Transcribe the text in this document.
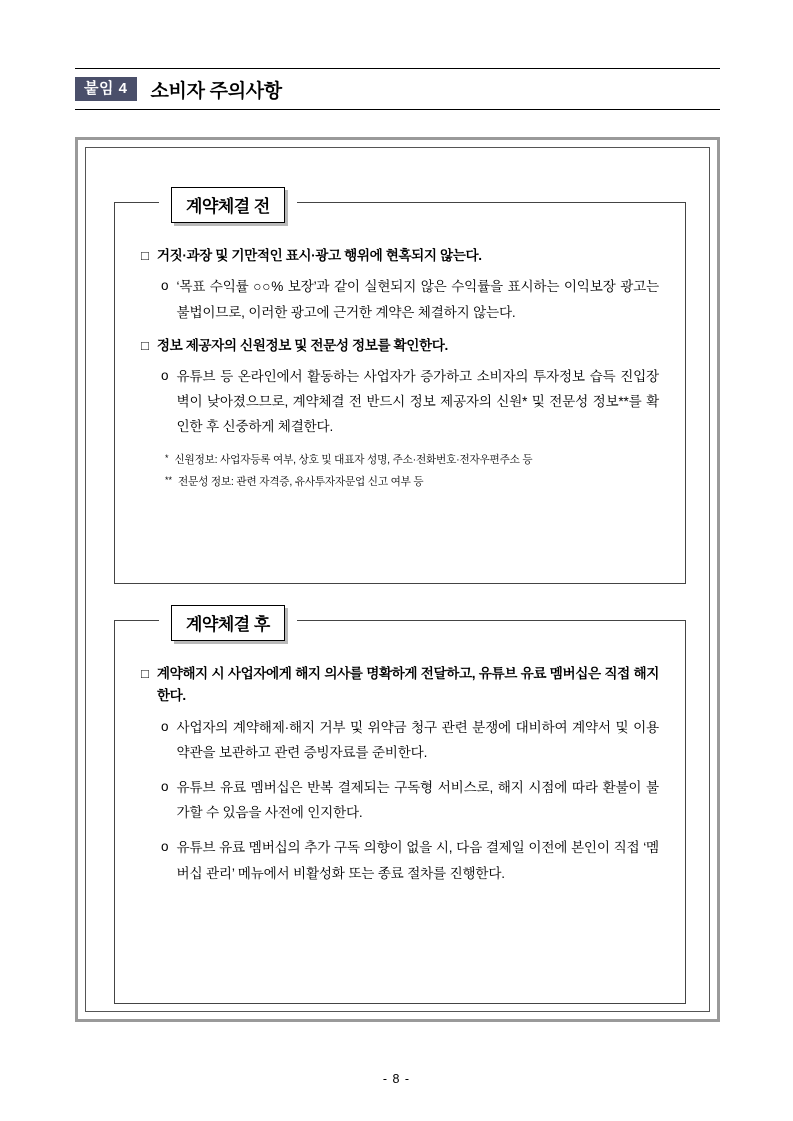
붙임 4	소비자 주의사항
계약체결 전
□ 거짓·과장 및 기만적인 표시·광고 행위에 현혹되지 않는다.
o ‘목표 수익률 ○○% 보장’과 같이 실현되지 않은 수익률을 표시하는 이익보장 광고는 불법이므로, 이러한 광고에 근거한 계약은 체결하지 않는다.
□ 정보 제공자의 신원정보 및 전문성 정보를 확인한다.
o 유튜브 등 온라인에서 활동하는 사업자가 증가하고 소비자의 투자정보 습득 진입장벽이 낮아졌으므로, 계약체결 전 반드시 정보 제공자의 신원* 및 전문성 정보**를 확인한 후 신중하게 체결한다.
* 신원정보: 사업자등록 여부, 상호 및 대표자 성명, 주소·전화번호·전자우편주소 등
** 전문성 정보: 관련 자격증, 유사투자자문업 신고 여부 등
계약체결 후
□ 계약해지 시 사업자에게 해지 의사를 명확하게 전달하고, 유튜브 유료 멤버십은 직접 해지한다.
o 사업자의 계약해제·해지 거부 및 위약금 청구 관련 분쟁에 대비하여 계약서 및 이용약관을 보관하고 관련 증빙자료를 준비한다.
o 유튜브 유료 멤버십은 반복 결제되는 구독형 서비스로, 해지 시점에 따라 환불이 불가할 수 있음을 사전에 인지한다.
o 유튜브 유료 멤버십의 추가 구독 의향이 없을 시, 다음 결제일 이전에 본인이 직접 ‘멤버십 관리’ 메뉴에서 비활성화 또는 종료 절차를 진행한다.
- 8 -
